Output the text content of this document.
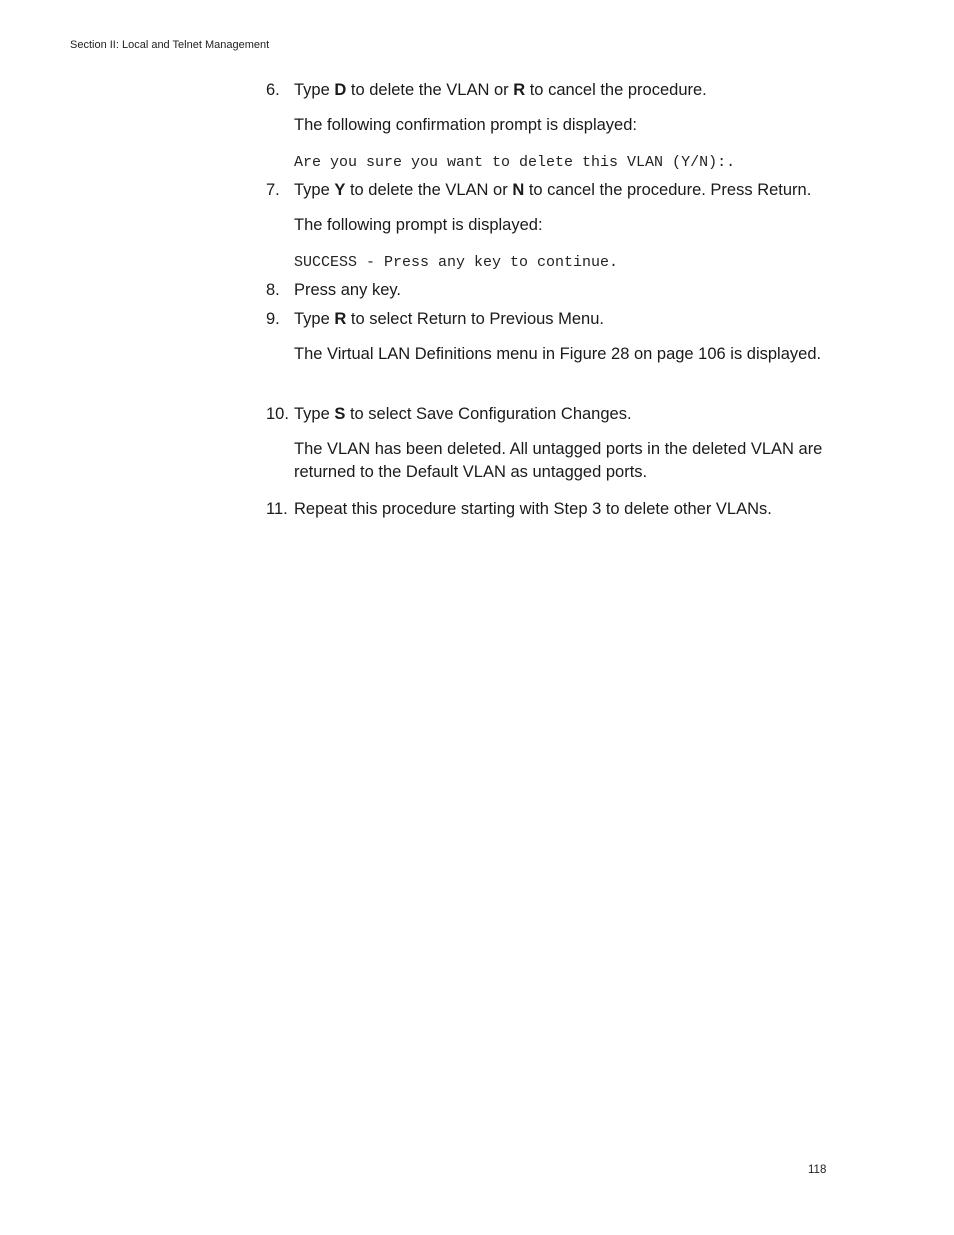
Section II: Local and Telnet Management
6. Type D to delete the VLAN or R to cancel the procedure.
The following confirmation prompt is displayed:
Are you sure you want to delete this VLAN (Y/N):.
7. Type Y to delete the VLAN or N to cancel the procedure. Press Return.
The following prompt is displayed:
SUCCESS - Press any key to continue.
8. Press any key.
9. Type R to select Return to Previous Menu.
The Virtual LAN Definitions menu in Figure 28 on page 106 is displayed.
10. Type S to select Save Configuration Changes.
The VLAN has been deleted. All untagged ports in the deleted VLAN are returned to the Default VLAN as untagged ports.
11. Repeat this procedure starting with Step 3 to delete other VLANs.
118
